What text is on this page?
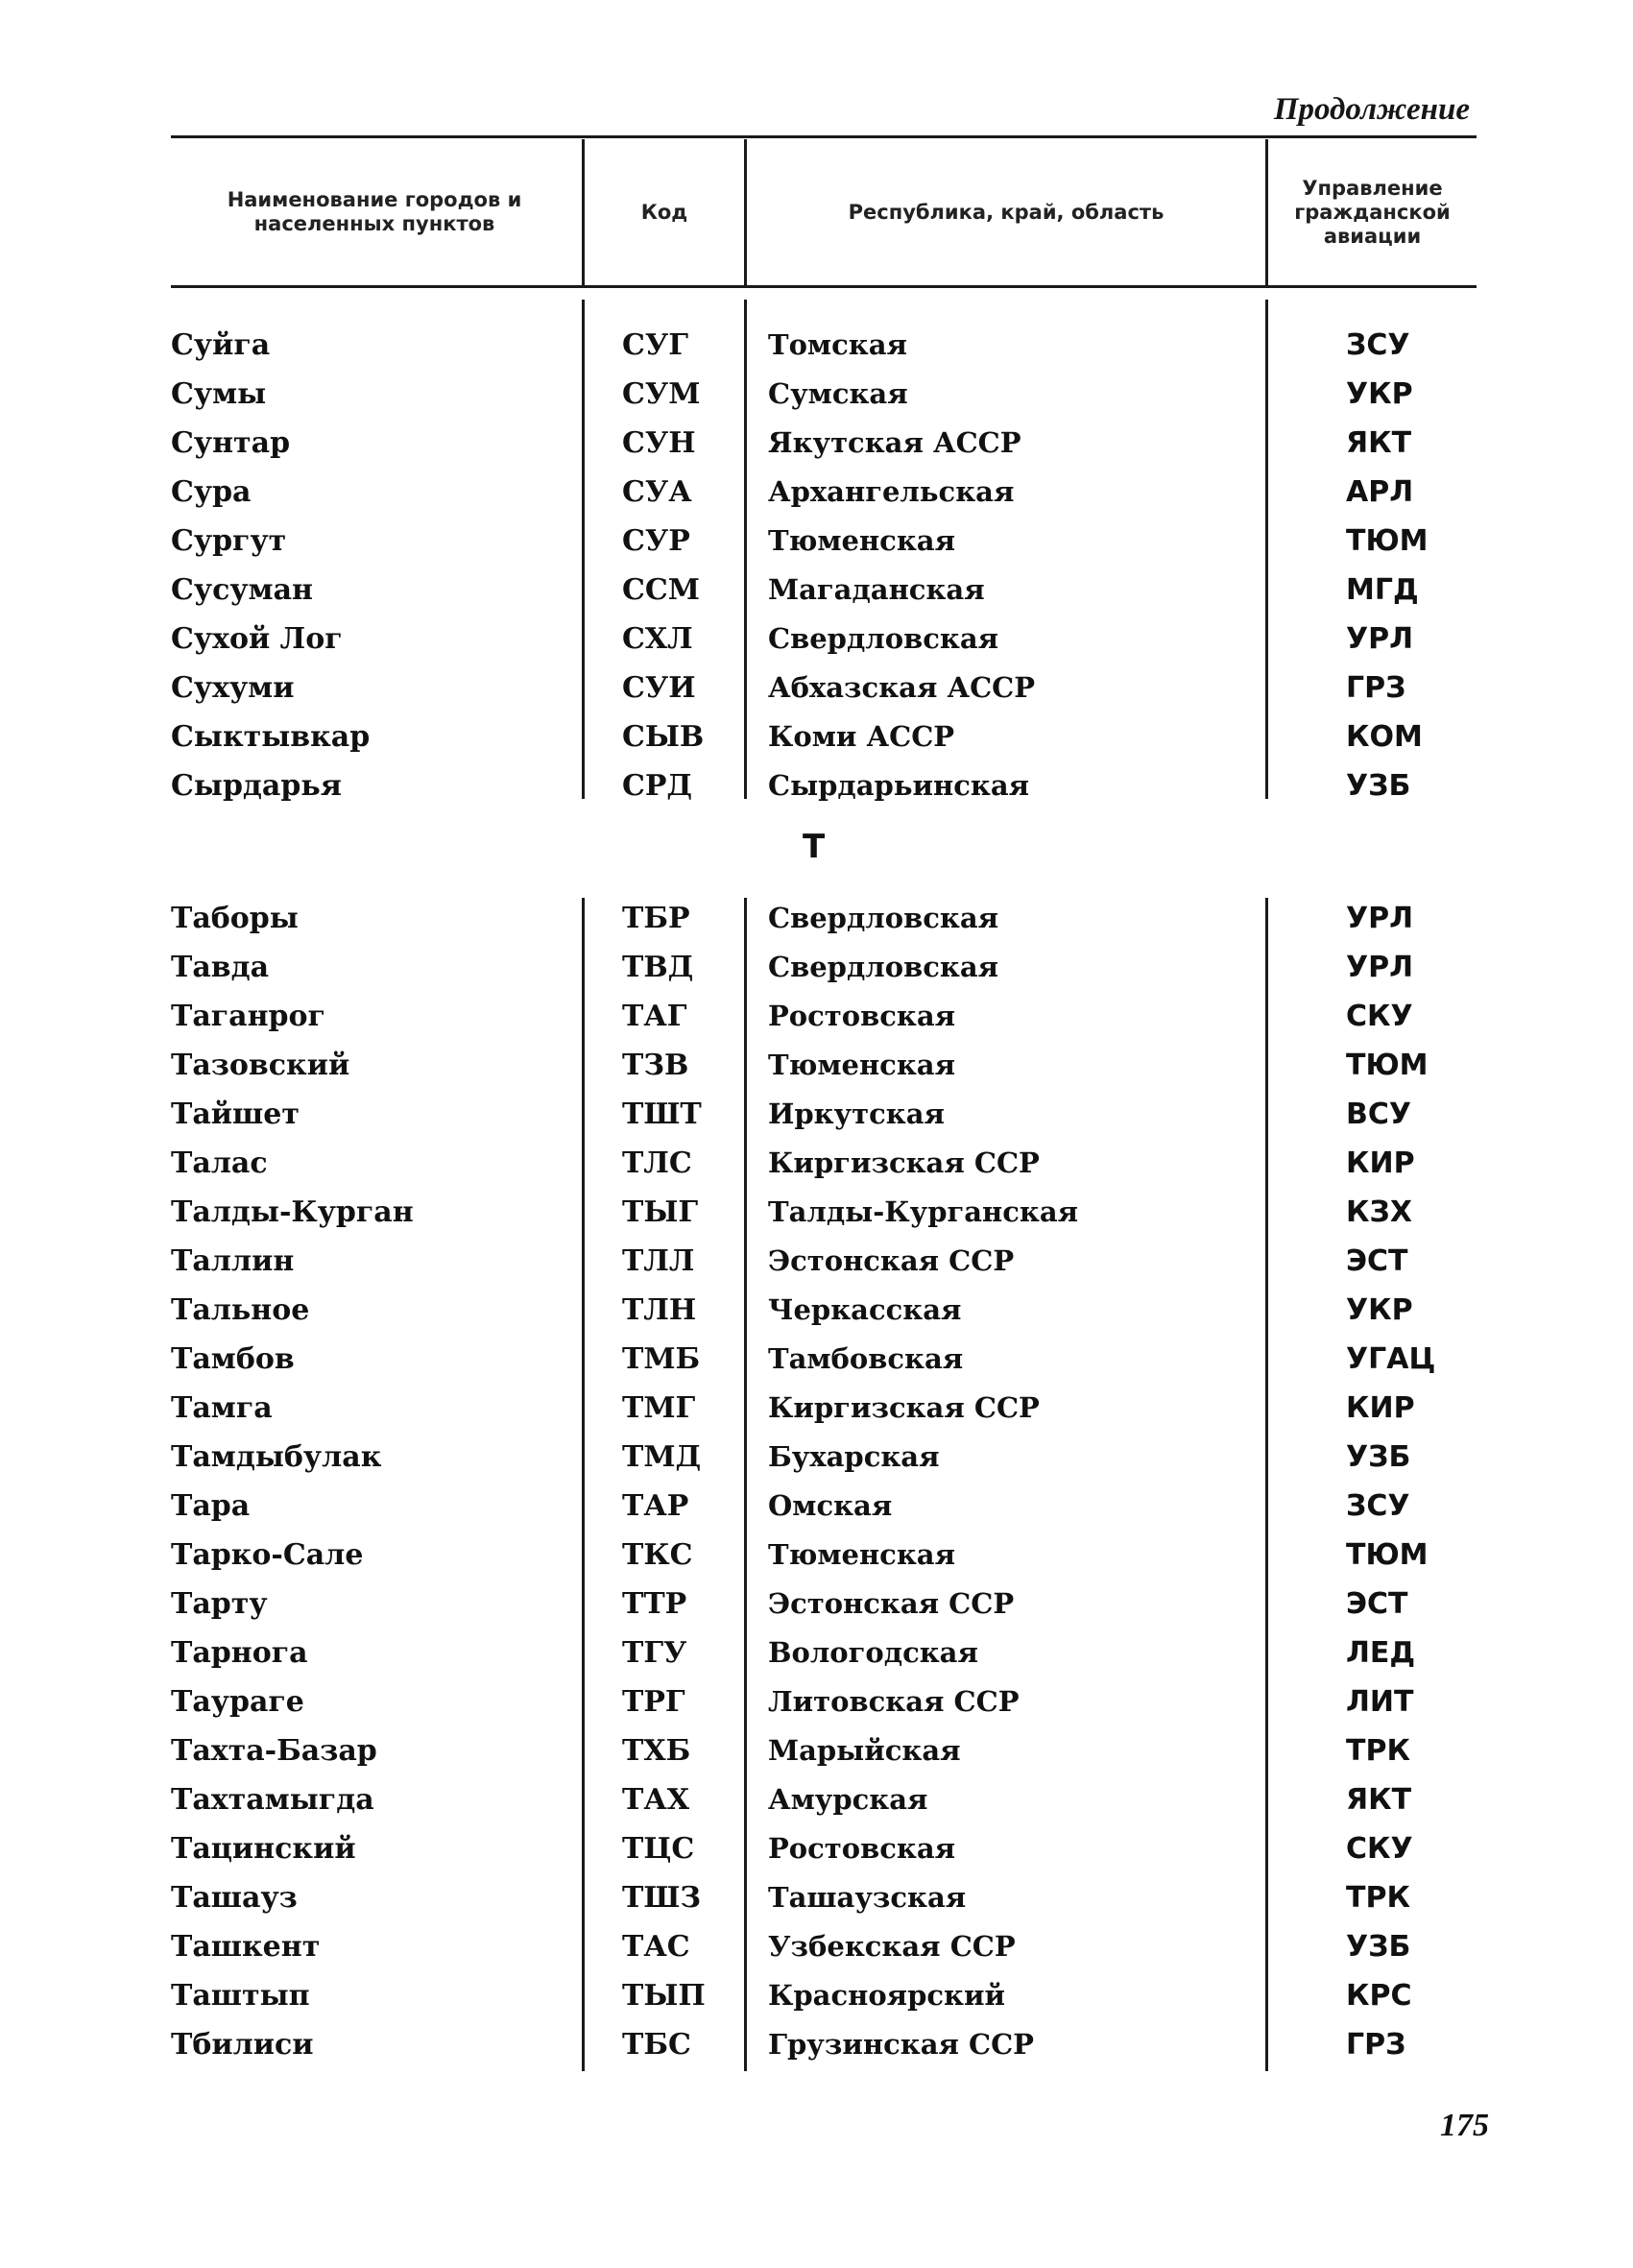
Продолжение
Наименование городов и населенных пунктов
Код	Республика, край, область
Управление гражданской авиации
Т
Суйга	СУГ	Томская	ЗСУ
Сумы	СУМ Сумская	УКР
Сунтар	СУН	Якутская АССР	ЯКТ
Сура	СУА	Архангельская	АРЛ
Сургут	СУР	Тюменская	ТЮМ
Сусуман	ССМ Магаданская	МГД
Сухой Лог	СХЛ	Свердловская	УРЛ
Сухуми	СУИ	Абхазская АССР	ГРЗ
Сыктывкар	СЫВ Коми АССР	КОМ
Сырдарья	СРД	Сырдарьинская	УЗБ
Таборы	ТБР	Свердловская	УРЛ
Тавда	ТВД	Свердловская	УРЛ
Таганрог	ТАГ	Ростовская	СКУ
Тазовский	ТЗВ	Тюменская	ТЮМ
Тайшет	ТШТ Иркутская	ВСУ
Талас	ТЛС	Киргизская ССР	КИР
Талды-Курган	ТЫГ	Талды-Курганская	КЗХ
Таллин	ТЛЛ	Эстонская ССР	ЭСТ
Тальное	ТЛН	Черкасская	УКР
Тамбов	ТМБ Тамбовская	УГАЦ
Тамга	ТМГ	Киргизская ССР	КИР
Тамдыбулак	ТМД Бухарская	УЗБ
Тара	ТАР	Омская	ЗСУ
Тарко-Сале	ТКС	Тюменская	ТЮМ
Тарту	ТТР	Эстонская ССР	ЭСТ
Тарнога	ТГУ	Вологодская	ЛЕД
Таураге	ТРГ	Литовская ССР	ЛИТ
Тахта-Базар	ТХБ	Марыйская	ТРК
Тахтамыгда	ТАХ	Амурская	ЯКТ
Тацинский	ТЦС	Ростовская	СКУ
Ташауз	ТШЗ Ташаузская	ТРК
Ташкент	ТАС	Узбекская ССР	УЗБ
Таштып	ТЫП Красноярский	КРС
Тбилиси	ТБС	Грузинская ССР	ГРЗ
175
